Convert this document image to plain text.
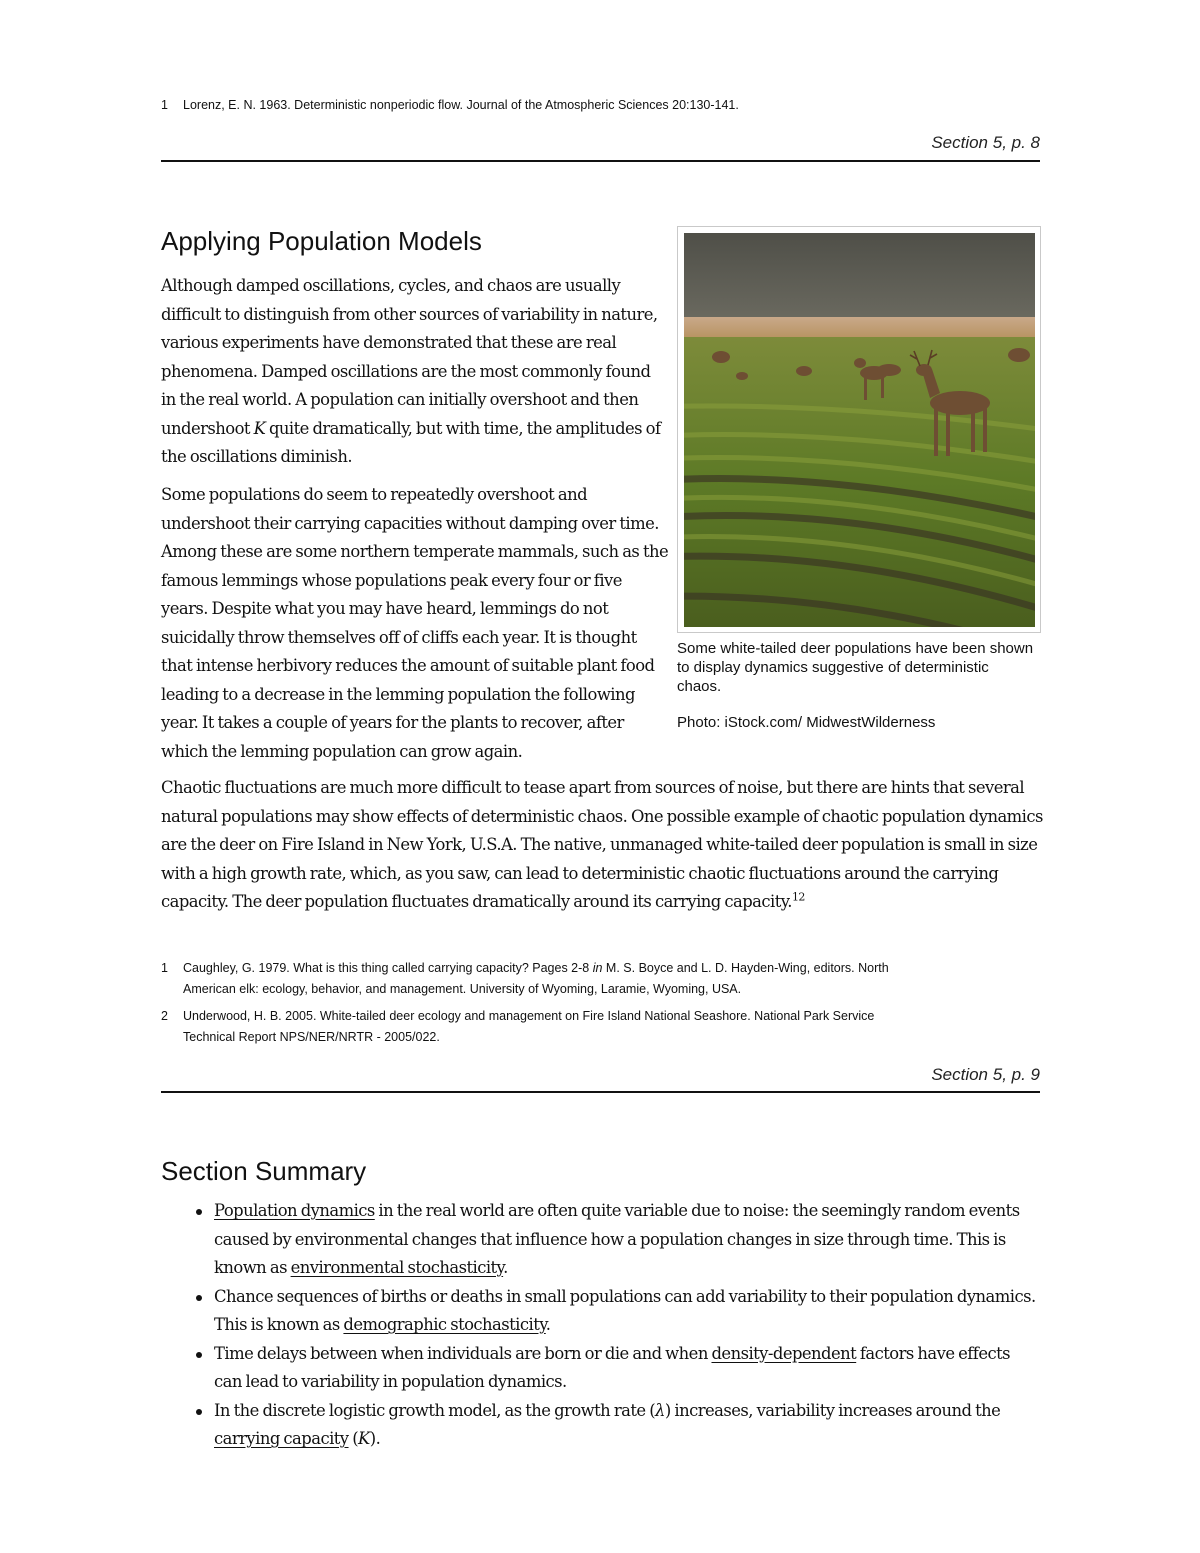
1 Lorenz, E. N. 1963. Deterministic nonperiodic flow. Journal of the Atmospheric Sciences 20:130-141.
Section 5, p. 8
Applying Population Models

Although damped oscillations, cycles, and chaos are usually difficult to distinguish from other sources of variability in nature, various experiments have demonstrated that these are real phenomena. Damped oscillations are the most commonly found in the real world. A population can initially overshoot and then undershoot K quite dramatically, but with time, the amplitudes of the oscillations diminish.

Some populations do seem to repeatedly overshoot and undershoot their carrying capacities without damping over time. Among these are some northern temperate mammals, such as the famous lemmings whose populations peak every four or five years. Despite what you may have heard, lemmings do not suicidally throw themselves off of cliffs each year. It is thought that intense herbivory reduces the amount of suitable plant food leading to a decrease in the lemming population the following year. It takes a couple of years for the plants to recover, after which the lemming population can grow again.

Some white-tailed deer populations have been shown to display dynamics suggestive of deterministic chaos.

Photo: iStock.com/ MidwestWilderness

Chaotic fluctuations are much more difficult to tease apart from sources of noise, but there are hints that several natural populations may show effects of deterministic chaos. One possible example of chaotic population dynamics are the deer on Fire Island in New York, U.S.A. The native, unmanaged white-tailed deer population is small in size with a high growth rate, which, as you saw, can lead to deterministic chaotic fluctuations around the carrying capacity. The deer population fluctuates dramatically around its carrying capacity.$^{12}$

1 Caughley, G. 1979. What is this thing called carrying capacity? Pages 2-8 in M. S. Boyce and L. D. Hayden-Wing, editors. North
American elk: ecology, behavior, and management. University of Wyoming, Laramie, Wyoming, USA.
2 Underwood, H. B. 2005. White-tailed deer ecology and management on Fire Island National Seashore. National Park Service
Technical Report NPS/NER/NRTR - 2005/022.
Section 5, p. 9
Section Summary
Population dynamics in the real world are often quite variable due to noise: the seemingly random events caused by environmental changes that influence how a population changes in size through time. This is known as environmental stochasticity.
Chance sequences of births or deaths in small populations can add variability to their population dynamics. This is known as demographic stochasticity.
Time delays between when individuals are born or die and when density-dependent factors have effects can lead to variability in population dynamics.
In the discrete logistic growth model, as the growth rate (λ) increases, variability increases around the carrying capacity (K).
